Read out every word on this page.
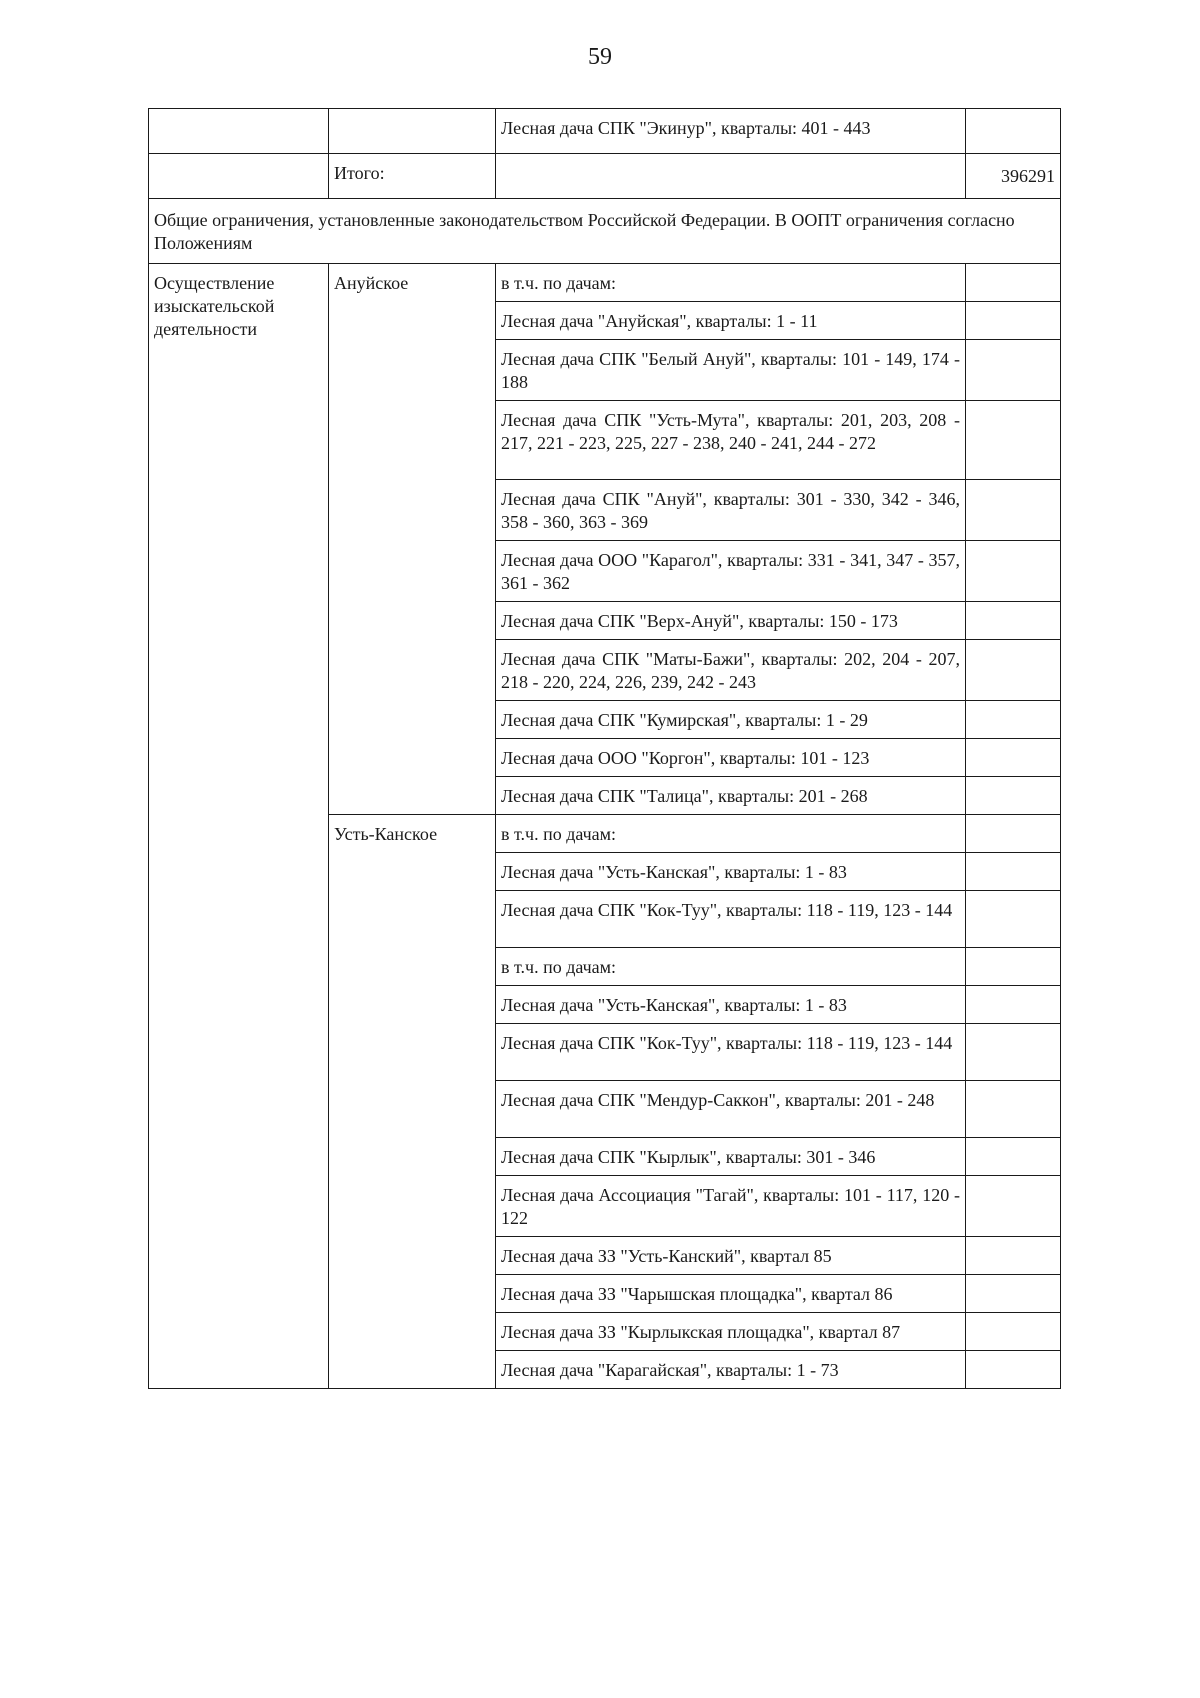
59
		Лесная дача СПК "Экинур", кварталы: 401 - 443	
	Итого:		396291
Общие ограничения, установленные законодательством Российской Федерации. В ООПТ ограничения согласно Положениям			
Осуществление изыскательской деятельности	Ануйское	в т.ч. по дачам:	
		Лесная дача "Ануйская", кварталы: 1 - 11	
		Лесная дача СПК "Белый Ануй", кварталы: 101 - 149, 174 - 188	
		Лесная дача СПК "Усть-Мута", кварталы: 201, 203, 208 - 217, 221 - 223, 225, 227 - 238, 240 - 241, 244 - 272	
		Лесная дача СПК "Ануй", кварталы: 301 - 330, 342 - 346, 358 - 360, 363 - 369	
		Лесная дача ООО "Карагол", кварталы: 331 - 341, 347 - 357, 361 - 362	
		Лесная дача СПК "Верх-Ануй", кварталы: 150 - 173	
		Лесная дача СПК "Маты-Бажи", кварталы: 202, 204 - 207, 218 - 220, 224, 226, 239, 242 - 243	
		Лесная дача СПК "Кумирская", кварталы: 1 - 29	
		Лесная дача ООО "Коргон", кварталы: 101 - 123	
		Лесная дача СПК "Талица", кварталы: 201 - 268	
	Усть-Канское	в т.ч. по дачам:	
		Лесная дача "Усть-Канская", кварталы: 1 - 83	
		Лесная дача СПК "Кок-Туу", кварталы: 118 - 119, 123 - 144	
		в т.ч. по дачам:	
		Лесная дача "Усть-Канская", кварталы: 1 - 83	
		Лесная дача СПК "Кок-Туу", кварталы: 118 - 119, 123 - 144	
		Лесная дача СПК "Мендур-Саккон", кварталы: 201 - 248	
		Лесная дача СПК "Кырлык", кварталы: 301 - 346	
		Лесная дача Ассоциация "Тагай", кварталы: 101 - 117, 120 - 122	
		Лесная дача ЗЗ "Усть-Канский", квартал 85	
		Лесная дача ЗЗ "Чарышская площадка", квартал 86	
		Лесная дача ЗЗ "Кырлыкская площадка", квартал 87	
		Лесная дача "Карагайская", кварталы: 1 - 73	
